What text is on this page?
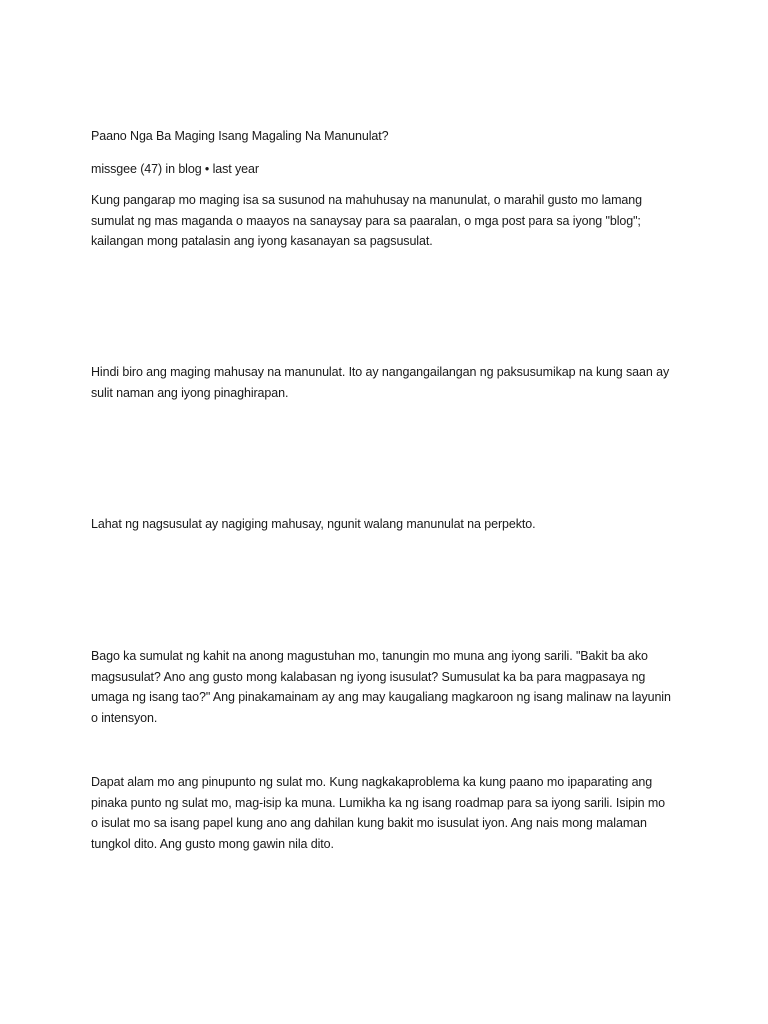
Paano Nga Ba Maging Isang Magaling Na Manunulat?
missgee (47) in blog • last year
Kung pangarap mo maging isa sa susunod na mahuhusay na manunulat, o marahil gusto mo lamang
sumulat ng mas maganda o maayos na sanaysay para sa paaralan, o mga post para sa iyong "blog";
kailangan mong patalasin ang iyong kasanayan sa pagsusulat.
Hindi biro ang maging mahusay na manunulat. Ito ay nangangailangan ng paksusumikap na kung saan ay
sulit naman ang iyong pinaghirapan.
Lahat ng nagsusulat ay nagiging mahusay, ngunit walang manunulat na perpekto.
Bago ka sumulat ng kahit na anong magustuhan mo, tanungin mo muna ang iyong sarili. "Bakit ba ako
magsusulat? Ano ang gusto mong kalabasan ng iyong isusulat? Sumusulat ka ba para magpasaya ng
umaga ng isang tao?" Ang pinakamainam ay ang may kaugaliang magkaroon ng isang malinaw na layunin
o intensyon.
Dapat alam mo ang pinupunto ng sulat mo. Kung nagkakaproblema ka kung paano mo ipaparating ang
pinaka punto ng sulat mo, mag-isip ka muna. Lumikha ka ng isang roadmap para sa iyong sarili. Isipin mo
o isulat mo sa isang papel kung ano ang dahilan kung bakit mo isusulat iyon. Ang nais mong malaman
tungkol dito. Ang gusto mong gawin nila dito.
